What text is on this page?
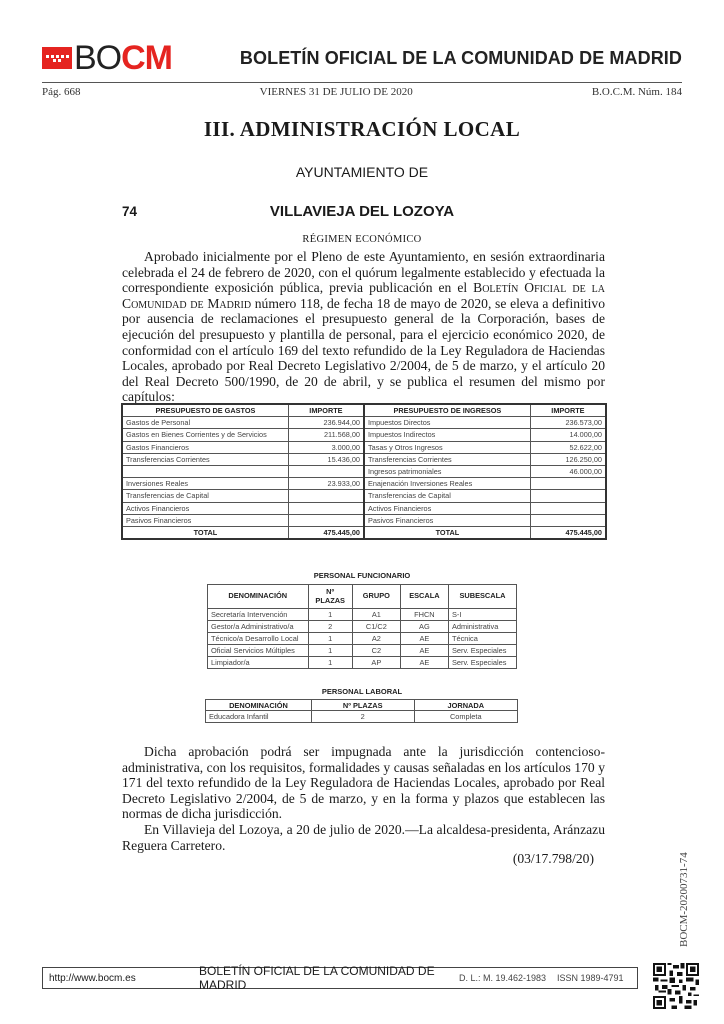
BO CM	BOLETÍN OFICIAL DE LA COMUNIDAD DE MADRID
Pág. 668	VIERNES 31 DE JULIO DE 2020	B.O.C.M. Núm. 184
III. ADMINISTRACIÓN LOCAL
AYUNTAMIENTO DE
74	VILLAVIEJA DEL LOZOYA
RÉGIMEN ECONÓMICO
Aprobado inicialmente por el Pleno de este Ayuntamiento, en sesión extraordinaria celebrada el 24 de febrero de 2020, con el quórum legalmente establecido y efectuada la correspondiente exposición pública, previa publicación en el Boletín Oficial de la Comunidad de Madrid número 118, de fecha 18 de mayo de 2020, se eleva a definitivo por ausencia de reclamaciones el presupuesto general de la Corporación, bases de ejecución del presupuesto y plantilla de personal, para el ejercicio económico 2020, de conformidad con el artículo 169 del texto refundido de la Ley Reguladora de Haciendas Locales, aprobado por Real Decreto Legislativo 2/2004, de 5 de marzo, y el artículo 20 del Real Decreto 500/1990, de 20 de abril, y se publica el resumen del mismo por capítulos:
PRESUPUESTO DE GASTOS	IMPORTE	PRESUPUESTO DE INGRESOS	IMPORTE
Gastos de Personal	236.944,00	Impuestos Directos	236.573,00
Gastos en Bienes Corrientes y de Servicios	211.568,00	Impuestos Indirectos	14.000,00
Gastos Financieros	3.000,00	Tasas y Otros Ingresos	52.622,00
Transferencias Corrientes	15.436,00	Transferencias Corrientes	126.250,00
		Ingresos patrimoniales	46.000,00
Inversiones Reales	23.933,00	Enajenación Inversiones Reales	
Transferencias de Capital		Transferencias de Capital	
Activos Financieros		Activos Financieros	
Pasivos Financieros		Pasivos Financieros	
TOTAL	475.445,00	TOTAL	475.445,00
PERSONAL FUNCIONARIO
DENOMINACIÓN	Nº PLAZAS	GRUPO	ESCALA	SUBESCALA
Secretaría Intervención	1	A1	FHCN	S-I
Gestor/a Administrativo/a	2	C1/C2	AG	Administrativa
Técnico/a Desarrollo Local	1	A2	AE	Técnica
Oficial Servicios Múltiples	1	C2	AE	Serv. Especiales
Limpiador/a	1	AP	AE	Serv. Especiales
PERSONAL LABORAL
DENOMINACIÓN	Nº PLAZAS	JORNADA
Educadora Infantil	2	Completa
Dicha aprobación podrá ser impugnada ante la jurisdicción contencioso-administrativa, con los requisitos, formalidades y causas señaladas en los artículos 170 y 171 del texto refundido de la Ley Reguladora de Haciendas Locales, aprobado por Real Decreto Legislativo 2/2004, de 5 de marzo, y en la forma y plazos que establecen las normas de dicha jurisdicción.
En Villavieja del Lozoya, a 20 de julio de 2020.—La alcaldesa-presidenta, Aránzazu Reguera Carretero.
(03/17.798/20)	BOCM-20200731-74
http://www.bocm.es	BOLETÍN OFICIAL DE LA COMUNIDAD DE MADRID	D. L.: M. 19.462-1983	ISSN 1989-4791
